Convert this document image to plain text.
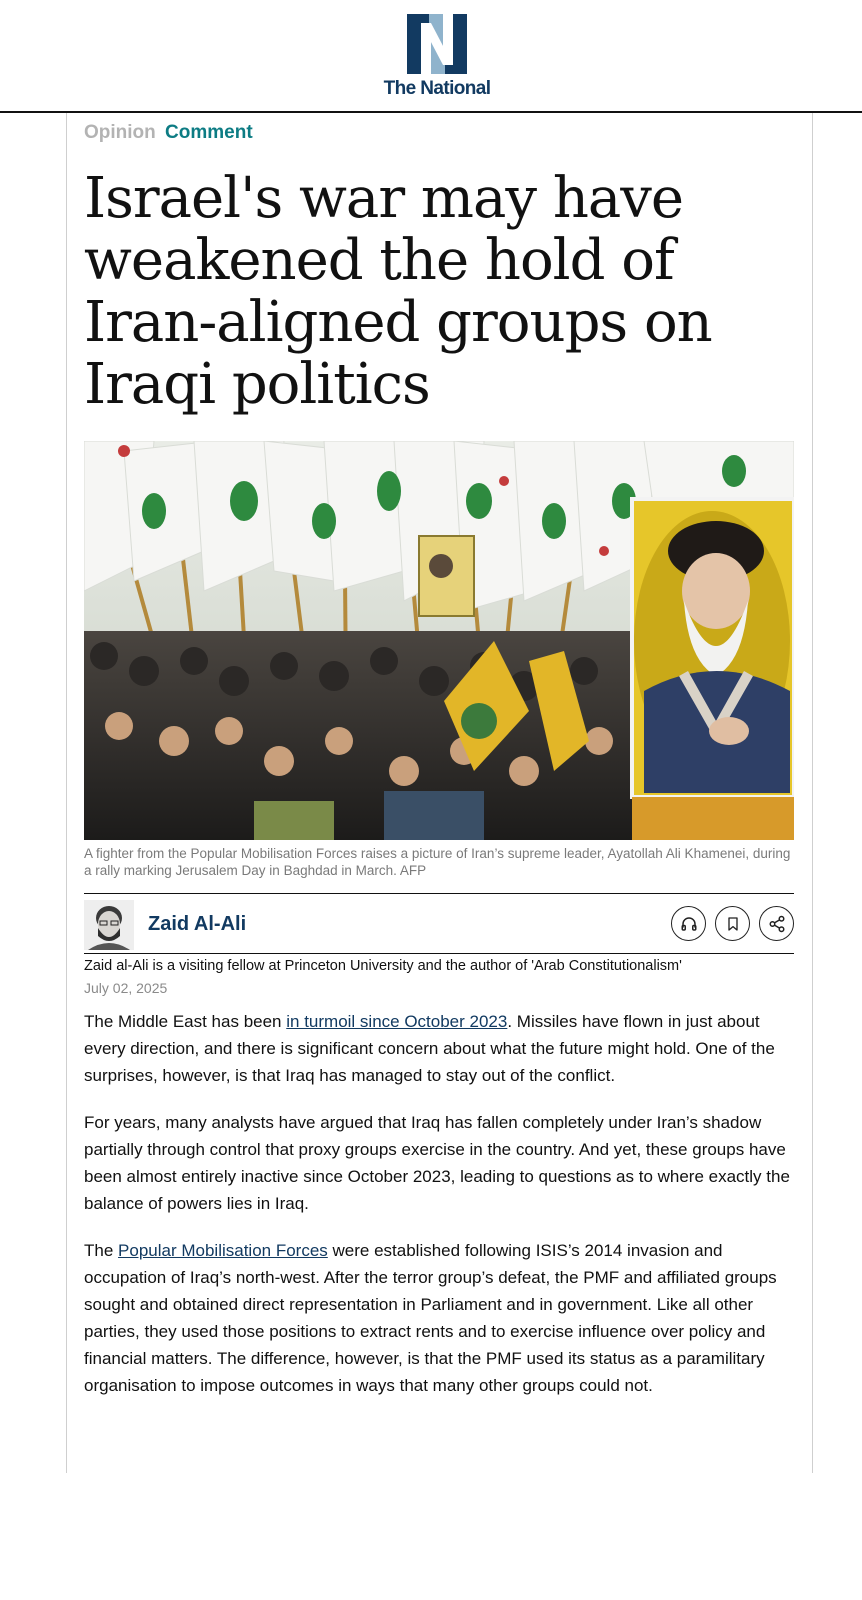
The National
Opinion Comment
Israel's war may have weakened the hold of Iran-aligned groups on Iraqi politics

A fighter from the Popular Mobilisation Forces raises a picture of Iran’s supreme leader, Ayatollah Ali Khamenei, during a rally marking Jerusalem Day in Baghdad in March. AFP

Zaid Al-Ali

Zaid al-Ali is a visiting fellow at Princeton University and the author of 'Arab Constitutionalism'

July 02, 2025

The Middle East has been in turmoil since October 2023. Missiles have flown in just about every direction, and there is significant concern about what the future might hold. One of the surprises, however, is that Iraq has managed to stay out of the conflict.

For years, many analysts have argued that Iraq has fallen completely under Iran’s shadow partially through control that proxy groups exercise in the country. And yet, these groups have been almost entirely inactive since October 2023, leading to questions as to where exactly the balance of powers lies in Iraq.

The Popular Mobilisation Forces were established following ISIS’s 2014 invasion and occupation of Iraq’s north-west. After the terror group’s defeat, the PMF and affiliated groups sought and obtained direct representation in Parliament and in government. Like all other parties, they used those positions to extract rents and to exercise influence over policy and financial matters. The difference, however, is that the PMF used its status as a paramilitary organisation to impose outcomes in ways that many other groups could not.
